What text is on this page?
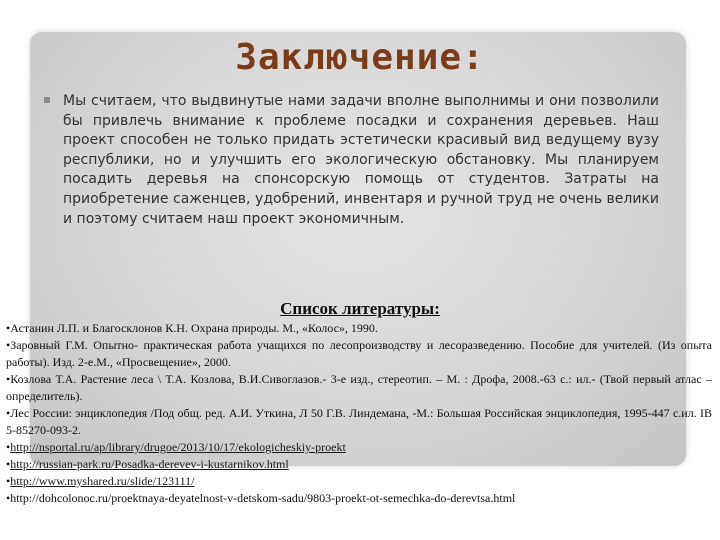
Заключение:

Мы считаем, что выдвинутые нами задачи вполне выполнимы и они позволили бы привлечь внимание к проблеме посадки и сохранения деревьев. Наш проект способен не только придать эстетически красивый вид ведущему вузу республики, но и улучшить его экологическую обстановку. Мы планируем посадить деревья на спонсорскую помощь от студентов. Затраты на приобретение саженцев, удобрений, инвентаря и ручной труд не очень велики и поэтому считаем наш проект экономичным.

Список литературы:
• Астанин Л.П. и Благосклонов К.Н. Охрана природы. М., «Колос», 1990.
• Заровный Г.М. Опытно- практическая работа учащихся по лесопроизводству и лесоразведению. Пособие для учителей. (Из опыта работы). Изд. 2-е.М., «Просвещение», 2000.
• Козлова Т.А. Растение леса \ Т.А. Козлова, В.И.Сивоглазов.- 3-е изд., стереотип. – М. : Дрофа, 2008.-63 с.: ил.- (Твой первый атлас – определитель).
• Лес России: энциклопедия /Под общ. ред. А.И. Уткина, Л 50 Г.В. Линдемана, -М.: Большая Российская энциклопедия, 1995-447 с.ил. IB 5-85270-093-2.
• http://nsportal.ru/ap/library/drugoe/2013/10/17/ekologicheskiy-proekt
• http://russian-park.ru/Posadka-derevev-i-kustarnikov.html
• http://www.myshared.ru/slide/123111/
• http://dohcolonoc.ru/proektnaya-deyatelnost-v-detskom-sadu/9803-proekt-ot-semechka-do-derevtsa.html
